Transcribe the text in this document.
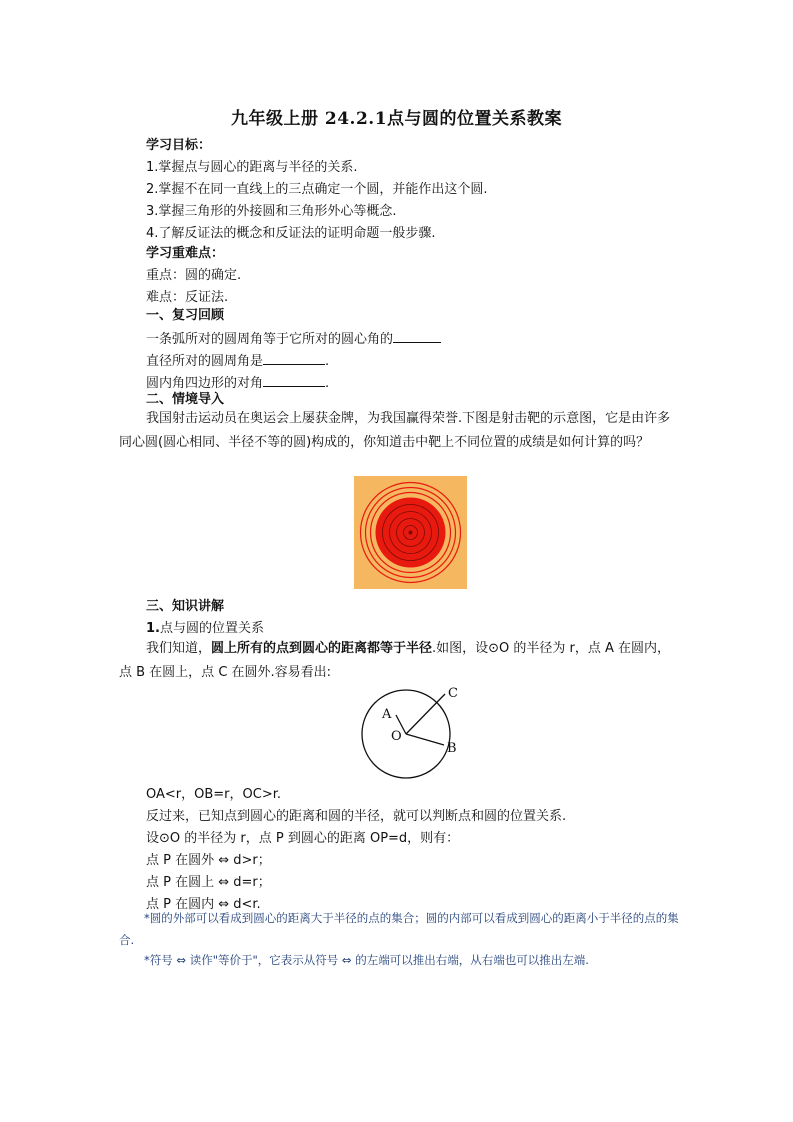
九年级上册 24.2.1点与圆的位置关系教案
学习目标：
1.掌握点与圆心的距离与半径的关系.
2.掌握不在同一直线上的三点确定一个圆，并能作出这个圆.
3.掌握三角形的外接圆和三角形外心等概念.
4.了解反证法的概念和反证法的证明命题一般步骤.
学习重难点：
重点：圆的确定.
难点：反证法.
一、复习回顾
一条弧所对的圆周角等于它所对的圆心角的
直径所对的圆周角是	.
圆内角四边形的对角	.
二、情境导入
我国射击运动员在奥运会上屡获金牌，为我国赢得荣誉.下图是射击靶的示意图，它是由许多同心圆(圆心相同、半径不等的圆)构成的，你知道击中靶上不同位置的成绩是如何计算的吗？
三、知识讲解
1.点与圆的位置关系
我们知道，圆上所有的点到圆心的距离都等于半径.如图，设⊙O 的半径为 r，点 A 在圆内，点 B 在圆上，点 C 在圆外.容易看出:
A
O
B
C
OA<r，OB=r，OC>r.
反过来，已知点到圆心的距离和圆的半径，就可以判断点和圆的位置关系.
设⊙O 的半径为 r，点 P 到圆心的距离 OP=d，则有：
点 P 在圆外 ⇔ d>r；
点 P 在圆上 ⇔ d=r；
点 P 在圆内 ⇔ d<r.
*圆的外部可以看成到圆心的距离大于半径的点的集合；圆的内部可以看成到圆心的距离小于半径的点的集合.
*符号 ⇔ 读作"等价于"，它表示从符号 ⇔ 的左端可以推出右端，从右端也可以推出左端.
